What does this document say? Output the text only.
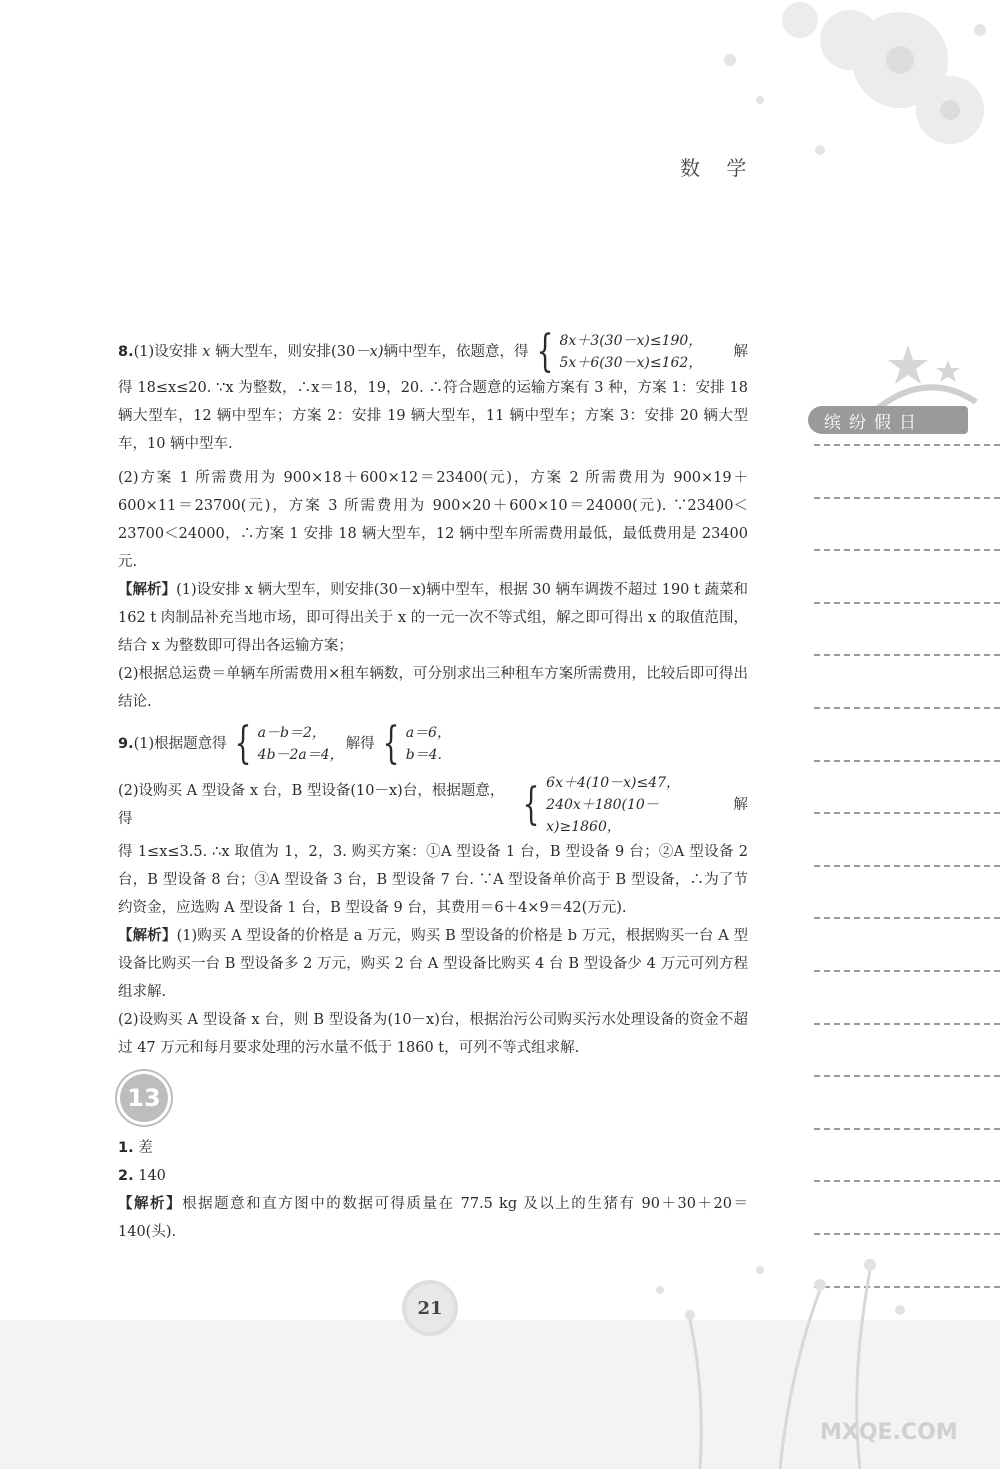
数 学
8. (1)设安排 x 辆大型车，则安排(30 －x) 辆中型车，依题意，得 { 8x＋3(30－x)≤190，
5x＋6(30－x)≤162，
解

得 18≤x≤20. ∵x 为整数，∴x＝18，19，20. ∴符合题意的运输方案有 3 种，方案 1：安排 18 辆大型车，12 辆中型车；方案 2：安排 19 辆大型车，11 辆中型车；方案 3：安排 20 辆大型车，10 辆中型车.

(2)方案 1 所需费用为 900×18＋600×12＝23400(元)，方案 2 所需费用为 900×19＋600×11＝23700(元)，方案 3 所需费用为 900×20＋600×10＝24000(元). ∵23400＜23700＜24000，∴方案 1 安排 18 辆大型车，12 辆中型车所需费用最低，最低费用是 23400 元.

【解析】(1)设安排 x 辆大型车，则安排(30－x)辆中型车，根据 30 辆车调拨不超过 190 t 蔬菜和 162 t 肉制品补充当地市场，即可得出关于 x 的一元一次不等式组，解之即可得出 x 的取值范围，结合 x 为整数即可得出各运输方案；

(2)根据总运费＝单辆车所需费用×租车辆数，可分别求出三种租车方案所需费用，比较后即可得出结论.

9. (1)根据题意得 { a－b＝2，
4b－2a＝4，
解得 { a＝6，
b＝4.
(2)设购买 A 型设备 x 台，B 型设备(10－x)台，根据题意，得	{ 6x＋4(10－x)≤47，
240x＋180(10－x)≥1860，
解

得 1≤x≤3.5. ∴x 取值为 1，2，3. 购买方案：①A 型设备 1 台，B 型设备 9 台；②A 型设备 2 台，B 型设备 8 台；③A 型设备 3 台，B 型设备 7 台. ∵A 型设备单价高于 B 型设备，∴为了节约资金，应选购 A 型设备 1 台，B 型设备 9 台，其费用＝6＋4×9＝42(万元).

【解析】(1)购买 A 型设备的价格是 a 万元，购买 B 型设备的价格是 b 万元，根据购买一台 A 型设备比购买一台 B 型设备多 2 万元，购买 2 台 A 型设备比购买 4 台 B 型设备少 4 万元可列方程组求解.

(2)设购买 A 型设备 x 台，则 B 型设备为(10－x)台，根据治污公司购买污水处理设备的资金不超过 47 万元和每月要求处理的污水量不低于 1860 t，可列不等式组求解.

13

1. 差

2. 140

【解析】根据题意和直方图中的数据可得质量在 77.5 kg 及以上的生猪有 90＋30＋20＝140(头).

缤纷假日
21
MXQE.COM
